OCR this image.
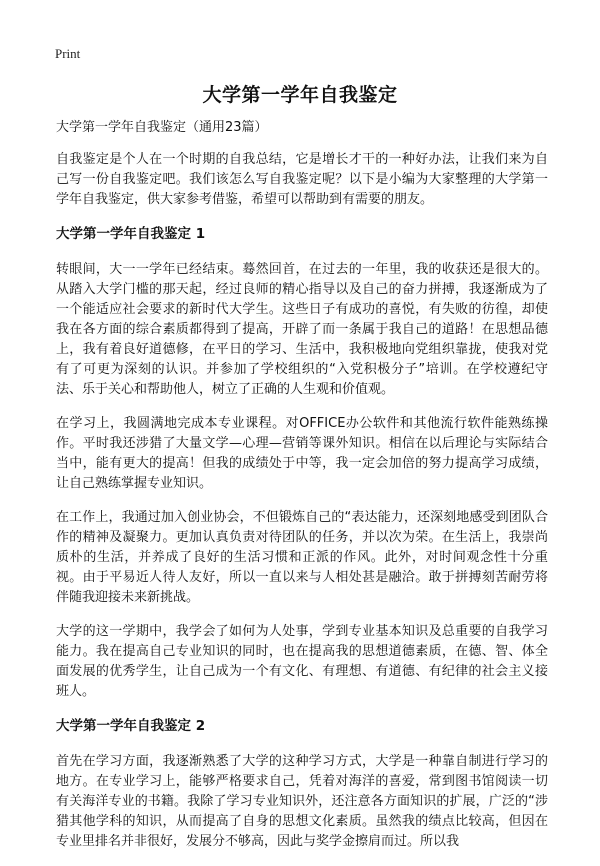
Print
大学第一学年自我鉴定

大学第一学年自我鉴定（通用23篇）

自我鉴定是个人在一个时期的自我总结，它是增长才干的一种好办法，让我们来为自己写一份自我鉴定吧。我们该怎么写自我鉴定呢？以下是小编为大家整理的大学第一学年自我鉴定，供大家参考借鉴，希望可以帮助到有需要的朋友。

大学第一学年自我鉴定 1

转眼间，大一一学年已经结束。蓦然回首，在过去的一年里，我的收获还是很大的。从踏入大学门槛的那天起，经过良师的精心指导以及自己的奋力拼搏，我逐渐成为了一个能适应社会要求的新时代大学生。这些日子有成功的喜悦，有失败的彷徨，却使我在各方面的综合素质都得到了提高，开辟了而一条属于我自己的道路！在思想品德上，我有着良好道德修，在平日的学习、生活中，我积极地向党组织靠拢，使我对党有了可更为深刻的认识。并参加了学校组织的“入党积极分子”培训。在学校遵纪守法、乐于关心和帮助他人，树立了正确的人生观和价值观。

在学习上，我圆满地完成本专业课程。对OFFICE办公软件和其他流行软件能熟练操作。平时我还涉猎了大量文学—心理—营销等课外知识。相信在以后理论与实际结合当中，能有更大的提高！但我的成绩处于中等，我一定会加倍的努力提高学习成绩，让自己熟练掌握专业知识。

在工作上，我通过加入创业协会，不但锻炼自己的“表达能力，还深刻地感受到团队合作的精神及凝聚力。更加认真负责对待团队的任务，并以次为荣。在生活上，我崇尚质朴的生活，并养成了良好的生活习惯和正派的作风。此外，对时间观念性十分重视。由于平易近人待人友好，所以一直以来与人相处甚是融洽。敢于拼搏刻苦耐劳将伴随我迎接未来新挑战。

大学的这一学期中，我学会了如何为人处事，学到专业基本知识及总重要的自我学习能力。我在提高自己专业知识的同时，也在提高我的思想道德素质，在德、智、体全面发展的优秀学生，让自己成为一个有文化、有理想、有道德、有纪律的社会主义接班人。

大学第一学年自我鉴定 2

首先在学习方面，我逐渐熟悉了大学的这种学习方式，大学是一种靠自制进行学习的地方。在专业学习上，能够严格要求自己，凭着对海洋的喜爱，常到图书馆阅读一切有关海洋专业的书籍。我除了学习专业知识外，还注意各方面知识的扩展，广泛的“涉猎其他学科的知识，从而提高了自身的思想文化素质。虽然我的绩点比较高，但因在专业里排名并非很好，发展分不够高，因此与奖学金擦肩而过。所以我
